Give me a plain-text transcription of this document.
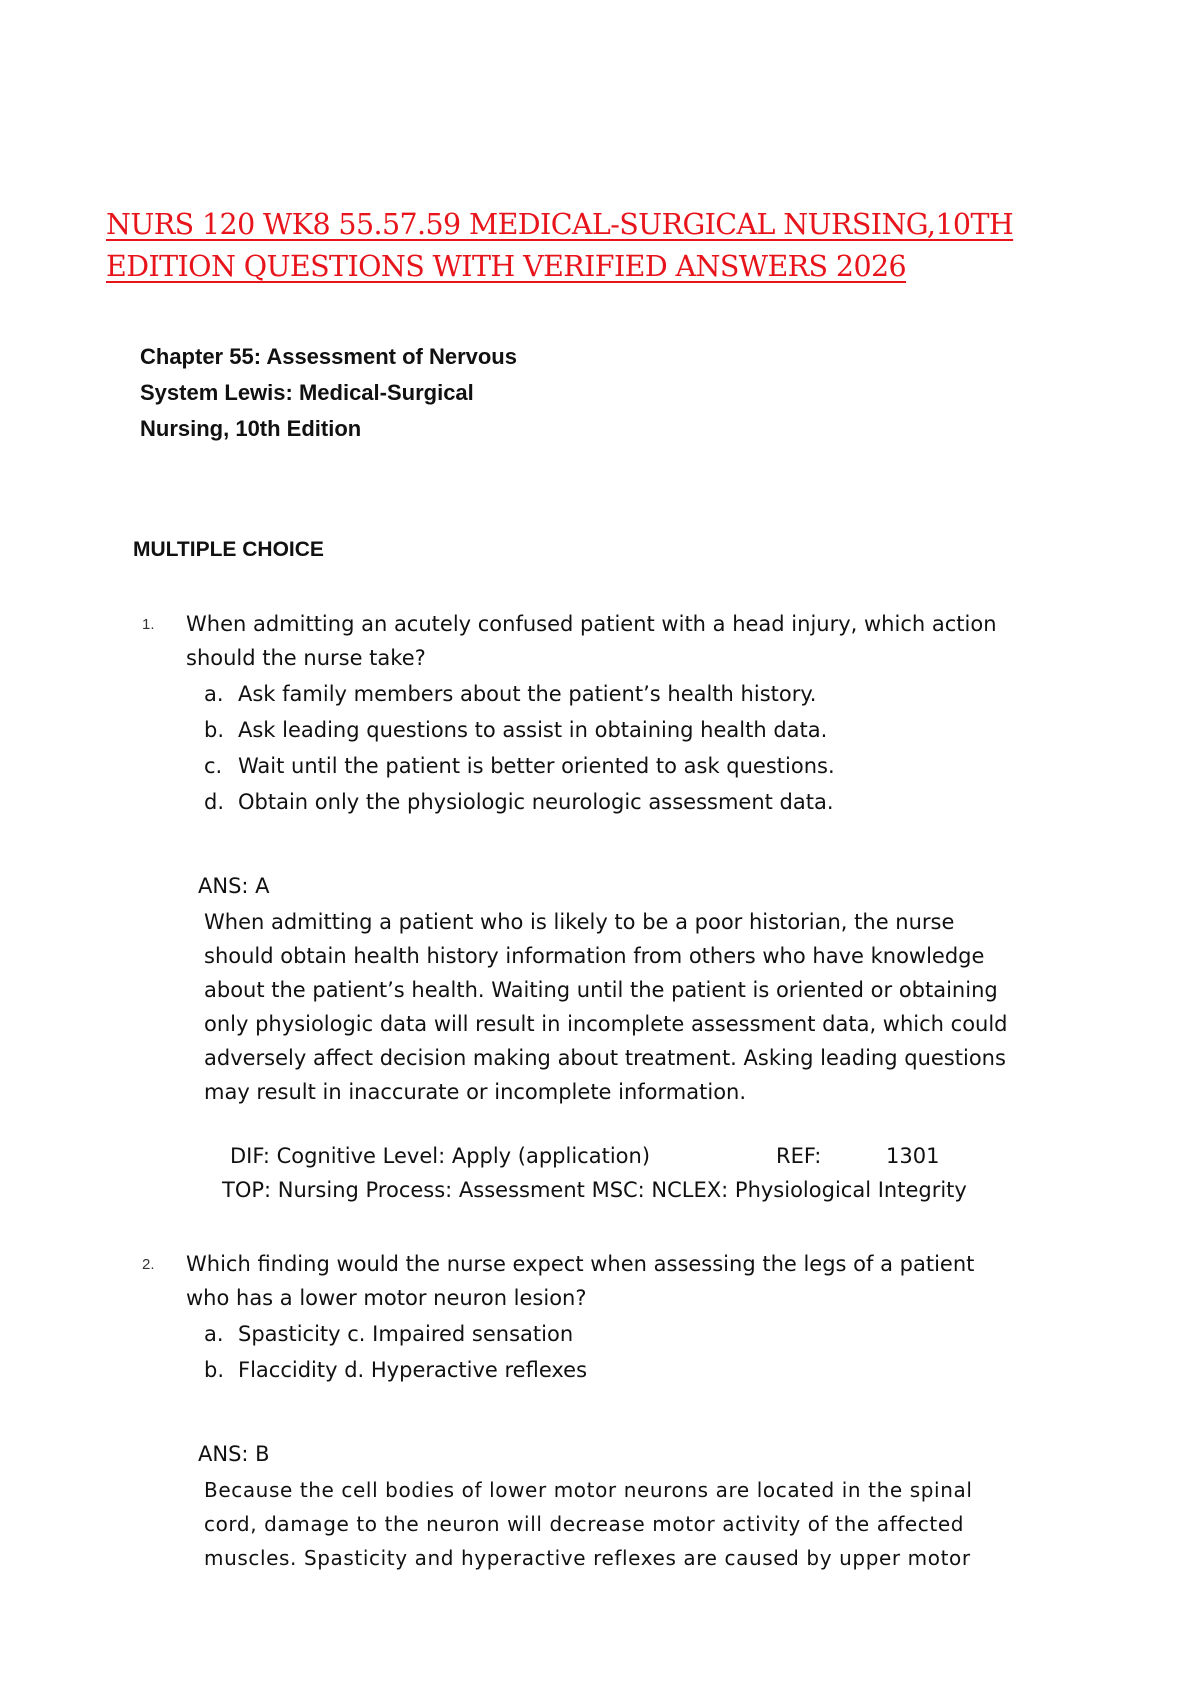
NURS 120 WK8 55.57.59 MEDICAL-SURGICAL NURSING,10TH
EDITION QUESTIONS WITH VERIFIED ANSWERS 2026
Chapter 55: Assessment of Nervous
System Lewis: Medical-Surgical
Nursing, 10th Edition
MULTIPLE CHOICE
1. When admitting an acutely confused patient with a head injury, which action
should the nurse take?
a. Ask family members about the patient’s health history.
b. Ask leading questions to assist in obtaining health data.
c. Wait until the patient is better oriented to ask questions.
d. Obtain only the physiologic neurologic assessment data.
ANS: A
When admitting a patient who is likely to be a poor historian, the nurse
should obtain health history information from others who have knowledge
about the patient’s health. Waiting until the patient is oriented or obtaining
only physiologic data will result in incomplete assessment data, which could
adversely affect decision making about treatment. Asking leading questions
may result in inaccurate or incomplete information.
DIF: Cognitive Level: Apply (application)	REF:	1301
TOP: Nursing Process: Assessment MSC: NCLEX: Physiological Integrity
2. Which finding would the nurse expect when assessing the legs of a patient
who has a lower motor neuron lesion?
a. Spasticity c. Impaired sensation
b. Flaccidity d. Hyperactive reflexes
ANS: B
Because the cell bodies of lower motor neurons are located in the spinal
cord, damage to the neuron will decrease motor activity of the affected
muscles. Spasticity and hyperactive reflexes are caused by upper motor
